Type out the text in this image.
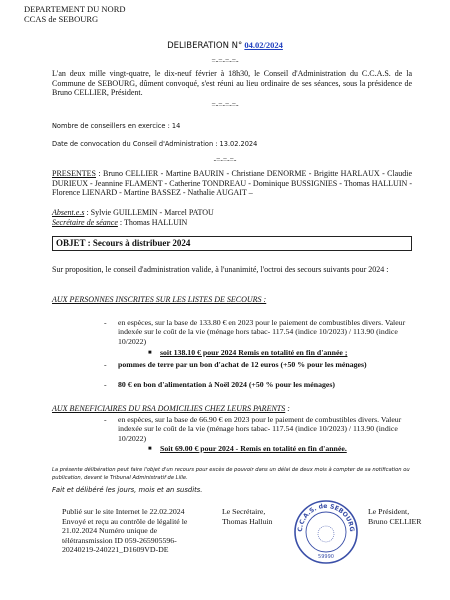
DEPARTEMENT DU NORD
CCAS de SEBOURG
DELIBERATION N° 04.02/2024
=-=-=-=-
L'an deux mille vingt-quatre, le dix-neuf février à 18h30, le Conseil d'Administration du C.C.A.S. de la Commune de SEBOURG, dûment convoqué, s'est réuni au lieu ordinaire de ses séances, sous la présidence de Bruno CELLIER, Président.
=-=-=-=-
Nombre de conseillers en exercice : 14
Date de convocation du Conseil d'Administration : 13.02.2024
-=-=-=-
PRESENTES : Bruno CELLIER - Martine BAURIN - Christiane DENORME - Brigitte HARLAUX - Claudie DURIEUX - Jeannine FLAMENT - Catherine TONDREAU - Dominique BUSSIGNIES - Thomas HALLUIN - Florence LIENARD - Martine BASSEZ - Nathalie AUGAIT –
Absent.e.s : Sylvie GUILLEMIN - Marcel PATOU
Secrétaire de séance : Thomas HALLUIN
OBJET : Secours à distribuer 2024
Sur proposition, le conseil d'administration valide, à l'unanimité, l'octroi des secours suivants pour 2024 :
AUX PERSONNES INSCRITES SUR LES LISTES DE SECOURS :
- en espèces, sur la base de 133.80 € en 2023 pour le paiement de combustibles divers. Valeur indexée sur le coût de la vie (ménage hors tabac- 117.54 (indice 10/2023) / 113.90 (indice 10/2022)
■ soit 138.10 € pour 2024 Remis en totalité en fin d'année ;
- pommes de terre par un bon d'achat de 12 euros (+50 % pour les ménages)
- 80 € en bon d'alimentation à Noël 2024 (+50 % pour les ménages)
AUX BENEFICIAIRES DU RSA DOMICILIES CHEZ LEURS PARENTS :
- en espèces, sur la base de 66.90 € en 2023 pour le paiement de combustibles divers. Valeur indexée sur le coût de la vie (ménage hors tabac- 117.54 (indice 10/2023) / 113.90 (indice 10/2022)
■ Soit 69.00 € pour 2024 - Remis en totalité en fin d'année.
La présente délibération peut faire l'objet d'un recours pour excès de pouvoir dans un délai de deux mois à compter de sa notification ou publication, devant le Tribunal Administratif de Lille.
Fait et délibéré les jours, mois et an susdits.
Publié sur le site Internet le 22.02.2024 Envoyé et reçu au contrôle de légalité le 21.02.2024 Numéro unique de télétransmission ID 059-265905596-20240219-240221_D1609VD-DE
Le Secrétaire,
Thomas Halluin
Le Président,
Bruno CELLIER
C.C.A.S. de SEBOURG
59990
